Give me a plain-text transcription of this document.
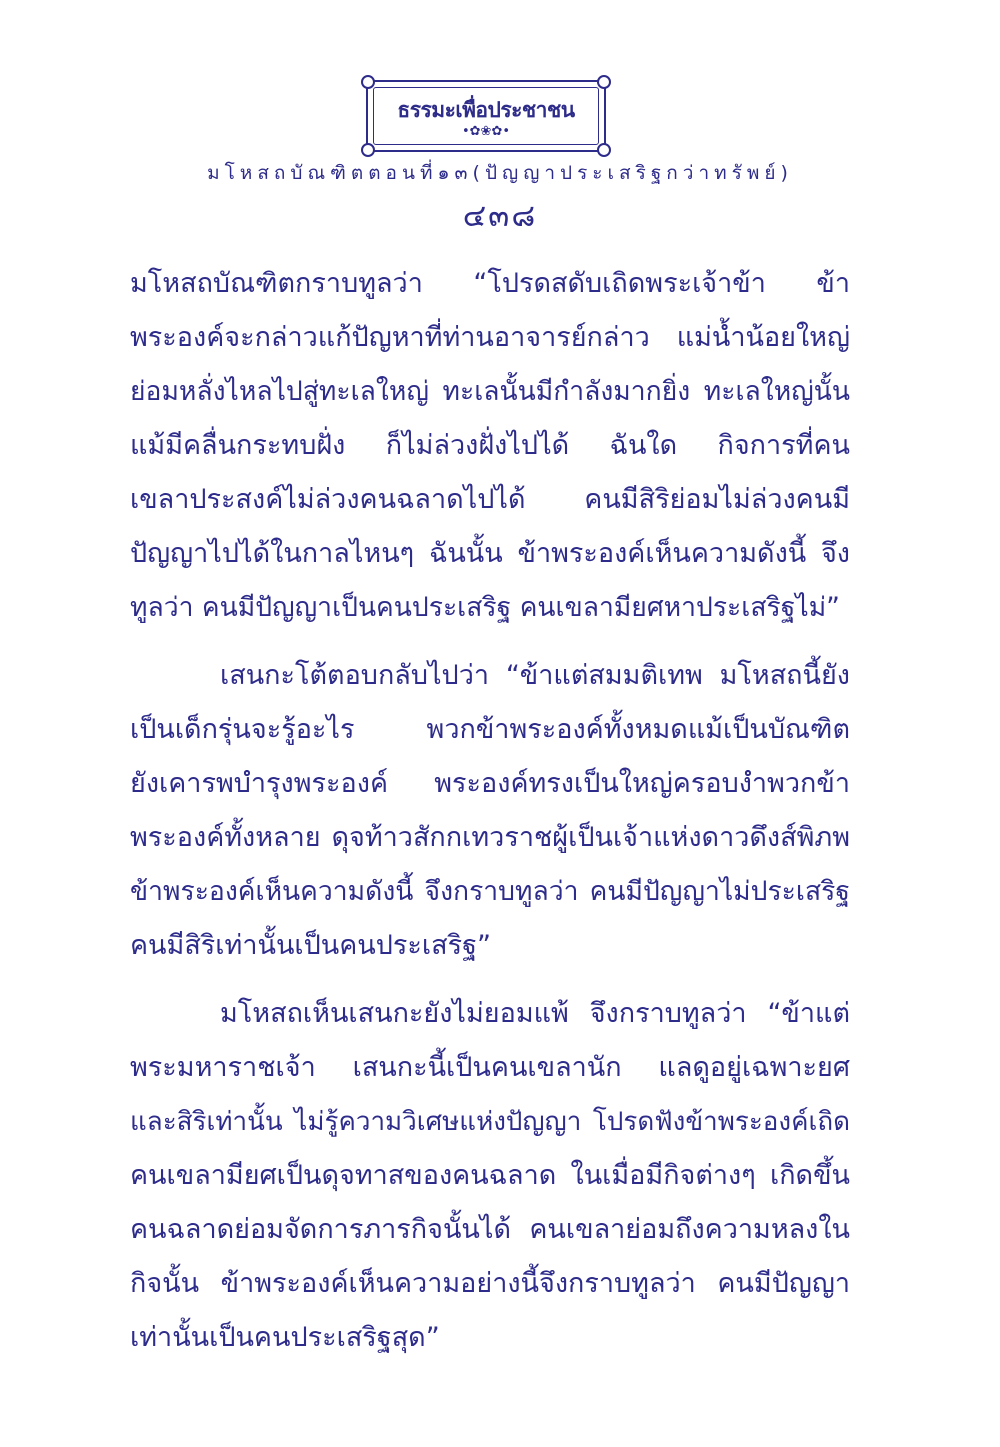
ธรรมะเพื่อประชาชน
•✿❀✿•
มโหสถบัณฑิตตอนที่๑๓(ปัญญาประเสริฐกว่าทรัพย์)
๔๓๘

มโหสถบัณฑิตกราบทูลว่า “โปรดสดับเถิดพระเจ้าข้า ข้า
พระองค์จะกล่าวแก้ปัญหาที่ท่านอาจารย์กล่าว แม่น้ำน้อยใหญ่
ย่อมหลั่งไหลไปสู่ทะเลใหญ่ ทะเลนั้นมีกำลังมากยิ่ง ทะเลใหญ่นั้น
แม้มีคลื่นกระทบฝั่ง ก็ไม่ล่วงฝั่งไปได้ ฉันใด กิจการที่คน
เขลาประสงค์ไม่ล่วงคนฉลาดไปได้ คนมีสิริย่อมไม่ล่วงคนมี
ปัญญาไปได้ในกาลไหนๆ ฉันนั้น ข้าพระองค์เห็นความดังนี้ จึง
ทูลว่า คนมีปัญญาเป็นคนประเสริฐ คนเขลามียศหาประเสริฐไม่”

เสนกะโต้ตอบกลับไปว่า “ข้าแต่สมมติเทพ มโหสถนี้ยัง
เป็นเด็กรุ่นจะรู้อะไร พวกข้าพระองค์ทั้งหมดแม้เป็นบัณฑิต
ยังเคารพบำรุงพระองค์ พระองค์ทรงเป็นใหญ่ครอบงำพวกข้า
พระองค์ทั้งหลาย ดุจท้าวสักกเทวราชผู้เป็นเจ้าแห่งดาวดึงส์พิภพ
ข้าพระองค์เห็นความดังนี้ จึงกราบทูลว่า คนมีปัญญาไม่ประเสริฐ
คนมีสิริเท่านั้นเป็นคนประเสริฐ”

มโหสถเห็นเสนกะยังไม่ยอมแพ้ จึงกราบทูลว่า “ข้าแต่
พระมหาราชเจ้า เสนกะนี้เป็นคนเขลานัก แลดูอยู่เฉพาะยศ
และสิริเท่านั้น ไม่รู้ความวิเศษแห่งปัญญา โปรดฟังข้าพระองค์เถิด
คนเขลามียศเป็นดุจทาสของคนฉลาด ในเมื่อมีกิจต่างๆ เกิดขึ้น
คนฉลาดย่อมจัดการภารกิจนั้นได้ คนเขลาย่อมถึงความหลงใน
กิจนั้น ข้าพระองค์เห็นความอย่างนี้จึงกราบทูลว่า คนมีปัญญา
เท่านั้นเป็นคนประเสริฐสุด”
